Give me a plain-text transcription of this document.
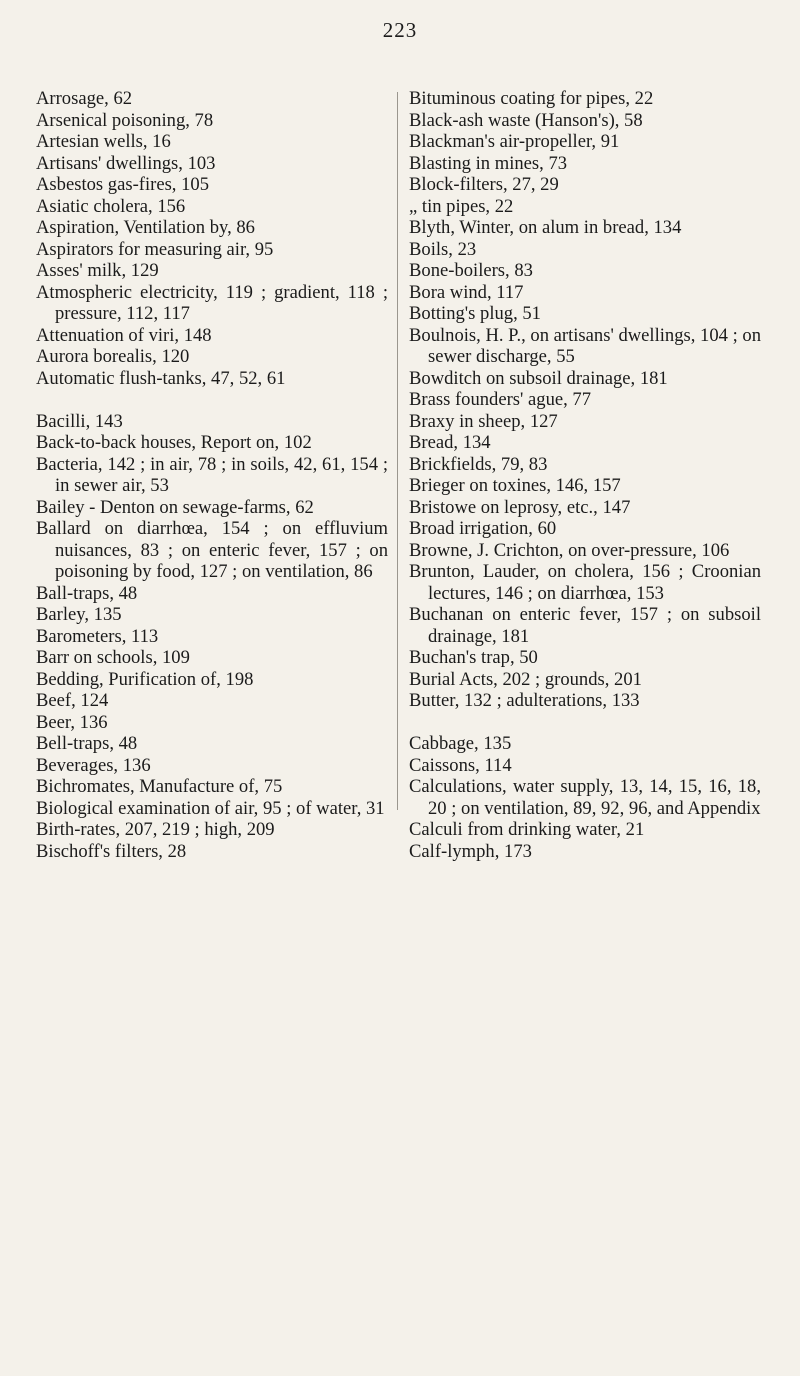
223
Arrosage, 62
Arsenical poisoning, 78
Artesian wells, 16
Artisans' dwellings, 103
Asbestos gas-fires, 105
Asiatic cholera, 156
Aspiration, Ventilation by, 86
Aspirators for measuring air, 95
Asses' milk, 129
Atmospheric electricity, 119 ; gradient, 118 ; pressure, 112, 117
Attenuation of viri, 148
Aurora borealis, 120
Automatic flush-tanks, 47, 52, 61
Bacilli, 143
Back-to-back houses, Report on, 102
Bacteria, 142 ; in air, 78 ; in soils, 42, 61, 154 ; in sewer air, 53
Bailey - Denton on sewage-farms, 62
Ballard on diarrhœa, 154 ; on effluvium nuisances, 83 ; on enteric fever, 157 ; on poisoning by food, 127 ; on ventilation, 86
Ball-traps, 48
Barley, 135
Barometers, 113
Barr on schools, 109
Bedding, Purification of, 198
Beef, 124
Beer, 136
Bell-traps, 48
Beverages, 136
Bichromates, Manufacture of, 75
Biological examination of air, 95 ; of water, 31
Birth-rates, 207, 219 ; high, 209
Bischoff's filters, 28
Bituminous coating for pipes, 22
Black-ash waste (Hanson's), 58
Blackman's air-propeller, 91
Blasting in mines, 73
Block-filters, 27, 29
„ tin pipes, 22
Blyth, Winter, on alum in bread, 134
Boils, 23
Bone-boilers, 83
Bora wind, 117
Botting's plug, 51
Boulnois, H. P., on artisans' dwellings, 104 ; on sewer discharge, 55
Bowditch on subsoil drainage, 181
Brass founders' ague, 77
Braxy in sheep, 127
Bread, 134
Brickfields, 79, 83
Brieger on toxines, 146, 157
Bristowe on leprosy, etc., 147
Broad irrigation, 60
Browne, J. Crichton, on over-pressure, 106
Brunton, Lauder, on cholera, 156 ; Croonian lectures, 146 ; on diarrhœa, 153
Buchanan on enteric fever, 157 ; on subsoil drainage, 181
Buchan's trap, 50
Burial Acts, 202 ; grounds, 201
Butter, 132 ; adulterations, 133
Cabbage, 135
Caissons, 114
Calculations, water supply, 13, 14, 15, 16, 18, 20 ; on ventilation, 89, 92, 96, and Appendix
Calculi from drinking water, 21
Calf-lymph, 173
